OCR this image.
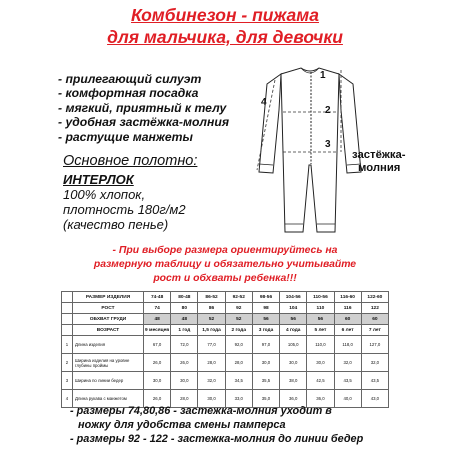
Комбинезон - пижама
для мальчика, для девочки
- прилегающий силуэт
- комфортная посадка
- мягкий, приятный к телу
- удобная застёжка-молния
- растущие манжеты
Основное полотно:
ИНТЕРЛОК
100% хлопок,
плотность 180г/м2
(качество пенье)
1
2
3
4
застёжка-
молния
- При выборе размера ориентируйтесь на
размерную таблицу и обязательно учитывайте
рост и обхваты ребенка!!!
	РАЗМЕР ИЗДЕЛИЯ	74-48	80-48	86-52	92-52	98-56	104-56	110-56	116-60	122-60
	РОСТ	74	80	86	92	98	104	110	116	122
	ОБХВАТ ГРУДИ	48	48	52	52	56	56	56	60	60
	ВОЗРАСТ	9 месяцев	1 год	1,5 года	2 года	3 года	4 года	5 лет	6 лет	7 лет
1	Длина изделия	67,0	72,0	77,0	92,0	97,0	105,0	110,0	118,0	127,0
2	Ширина изделия на уровне глубины проймы	26,0	26,0	28,0	28,0	30,0	30,0	30,0	32,0	32,0
3	Ширина по линии бедер	30,0	30,0	32,0	34,5	35,5	38,0	42,5	43,5	43,5
4	Длина рукава с манжетом	26,0	28,0	30,0	33,0	35,0	36,0	36,0	40,0	43,0
- размеры 74,80,86 - застежка-молния уходит в
ножку для удобства смены памперса
- размеры 92 - 122 - застежка-молния до линии бедер
